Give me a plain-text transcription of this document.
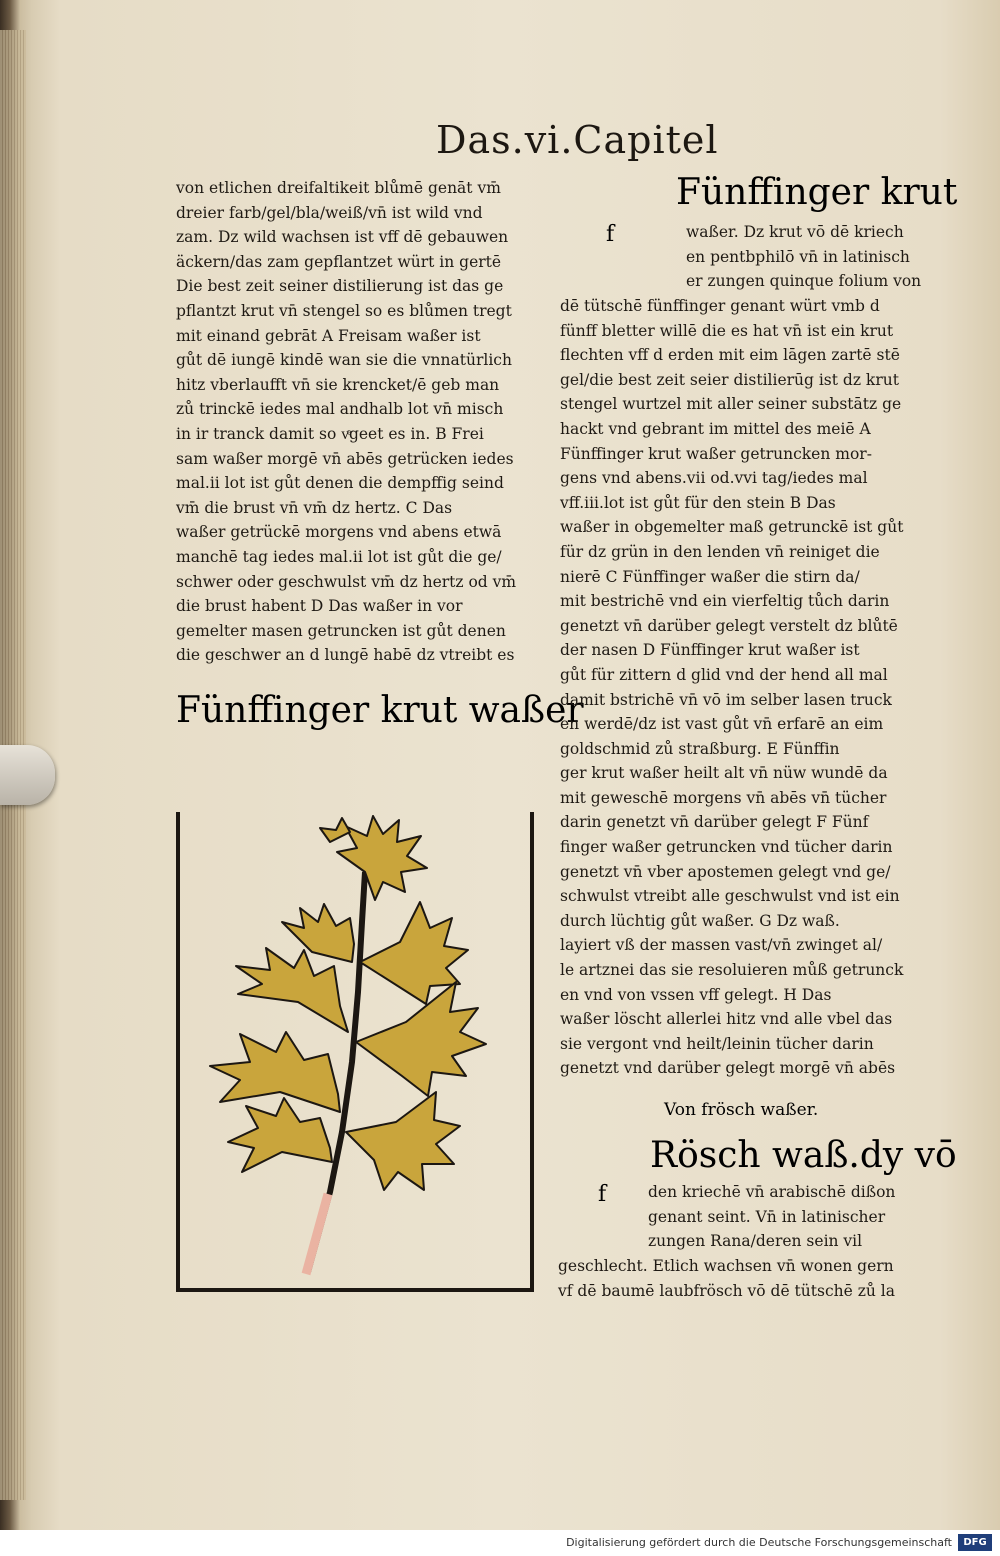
Das.vi.Capitel
von etlichen dreifaltikeit blůmē genāt vm̄
dreier farb/gel/bla/weiß/vn̄ ist wild vnd
zam. Dz wild wachsen ist vff dē gebauwen
äckern/das zam gepflantzet würt in gertē
Die best zeit seiner distilierung ist das ge
pflantzt krut vn̄ stengel so es blůmen tregt
mit einand gebrāt A Freisam waßer ist
gůt dē iungē kindē wan sie die vnnatürlich
hitz vberlaufft vn̄ sie krencket/ē geb man
zů trinckē iedes mal andhalb lot vn̄ misch
in ir tranck damit so vͤgeet es in. B Frei
sam waßer morgē vn̄ abēs getrücken iedes
mal.ii lot ist gůt denen die dempffig seind
vm̄ die brust vn̄ vm̄ dz hertz. C Das
waßer getrückē morgens vnd abens etwā
manchē tag iedes mal.ii lot ist gůt die ge/
schwer oder geschwulst vm̄ dz hertz od vm̄
die brust habent D Das waßer in vor
gemelter masen getruncken ist gůt denen
die geschwer an d lungē habē dz vtreibt es
Fünffinger krut waßer
Fünffinger krut
f	waßer. Dz krut vō dē kriech
en pentbphilō vn̄ in latinisch
er zungen quinque folium von
dē tütschē fünffinger genant würt vmb d
fünff bletter willē die es hat vn̄ ist ein krut
flechten vff d erden mit eim lāgen zartē stē
gel/die best zeit seier distilierūg ist dz krut
stengel wurtzel mit aller seiner substātz ge
hackt vnd gebrant im mittel des meiē A
Fünffinger krut waßer getruncken mor-
gens vnd abens.vii od.vvi tag/iedes mal
vff.iii.lot ist gůt für den stein B Das
waßer in obgemelter maß getrunckē ist gůt
für dz grün in den lenden vn̄ reiniget die
nierē C Fünffinger waßer die stirn da/
mit bestrichē vnd ein vierfeltig tůch darin
genetzt vn̄ darüber gelegt verstelt dz blůtē
der nasen D Fünffinger krut waßer ist
gůt für zittern d glid vnd der hend all mal
damit bstrichē vn̄ vō im selber lasen truck
en werdē/dz ist vast gůt vn̄ erfarē an eim
goldschmid zů straßburg. E Fünffin
ger krut waßer heilt alt vn̄ nüw wundē da
mit geweschē morgens vn̄ abēs vn̄ tücher
darin genetzt vn̄ darüber gelegt F Fünf
finger waßer getruncken vnd tücher darin
genetzt vn̄ vber apostemen gelegt vnd ge/
schwulst vtreibt alle geschwulst vnd ist ein
durch lüchtig gůt waßer. G Dz waß.
layiert vß der massen vast/vn̄ zwinget al/
le artznei das sie resoluieren můß getrunck
en vnd von vssen vff gelegt. H Das
waßer löscht allerlei hitz vnd alle vbel das
sie vergont vnd heilt/leinin tücher darin
genetzt vnd darüber gelegt morgē vn̄ abēs
Von frösch waßer.
Rösch waß.dy vō
f	den kriechē vn̄ arabischē dißon
genant seint. Vn̄ in latinischer
zungen Rana/deren sein vil
geschlecht. Etlich wachsen vn̄ wonen gern
vf dē baumē laubfrösch vō dē tütschē zů la
Digitalisierung gefördert durch die Deutsche Forschungsgemeinschaft	DFG
